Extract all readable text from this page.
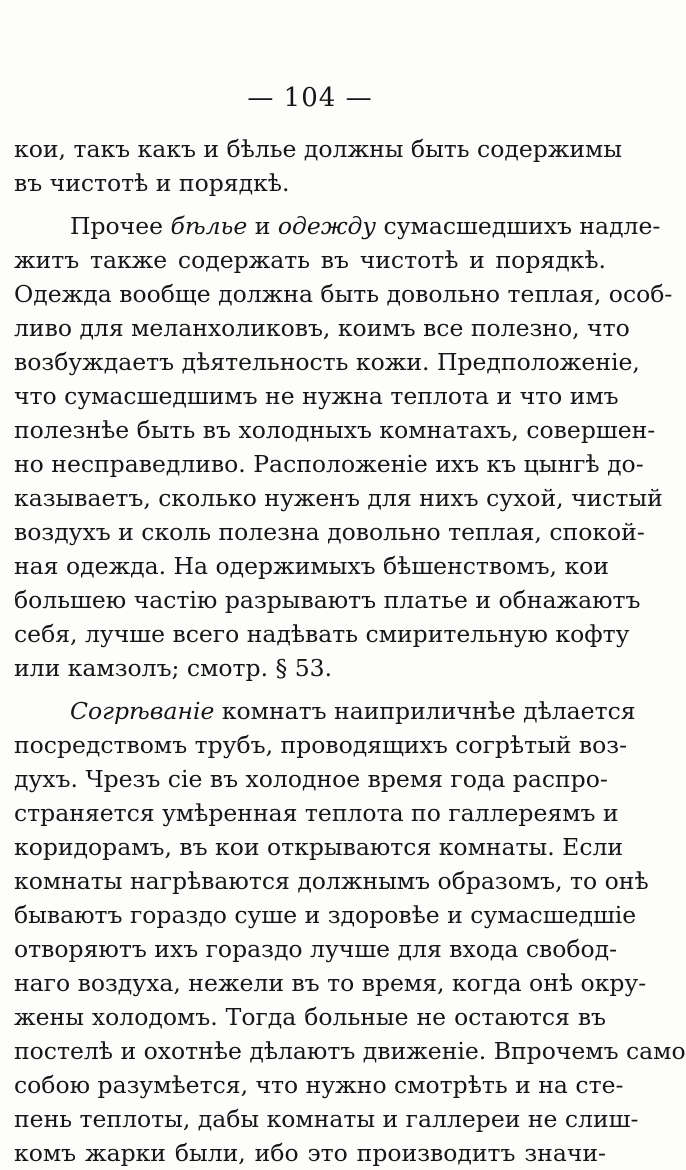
— 104 —
кои, такъ какъ и бѣлье должны быть содержимы
въ чистотѣ и порядкѣ.
Прочее бѣлье и одежду сумасшедшихъ надле-
житъ также содержать въ чистотѣ и порядкѣ.
Одежда вообще должна быть довольно теплая, особ-
ливо для меланхоликовъ, коимъ все полезно, что
возбуждаетъ дѣятельность кожи. Предположеніе,
что сумасшедшимъ не нужна теплота и что имъ
полезнѣе быть въ холодныхъ комнатахъ, совершен-
но несправедливо. Расположеніе ихъ къ цынгѣ до-
казываетъ, сколько нуженъ для нихъ сухой, чистый
воздухъ и сколь полезна довольно теплая, спокой-
ная одежда. На одержимыхъ бѣшенствомъ, кои
большею частію разрываютъ платье и обнажаютъ
себя, лучше всего надѣвать смирительную кофту
или камзолъ; смотр. § 53.
Согрѣваніе комнатъ наиприличнѣе дѣлается
посредствомъ трубъ, проводящихъ согрѣтый воз-
духъ. Чрезъ сіе въ холодное время года распро-
страняется умѣренная теплота по галлереямъ и
коридорамъ, въ кои открываются комнаты. Если
комнаты нагрѣваются должнымъ образомъ, то онѣ
бываютъ гораздо суше и здоровѣе и сумасшедшіе
отворяютъ ихъ гораздо лучше для входа свобод-
наго воздуха, нежели въ то время, когда онѣ окру-
жены холодомъ. Тогда больные не остаются въ
постелѣ и охотнѣе дѣлаютъ движеніе. Впрочемъ само
собою разумѣется, что нужно смотрѣть и на сте-
пень теплоты, дабы комнаты и галлереи не слиш-
комъ жарки были, ибо это производитъ значи-
